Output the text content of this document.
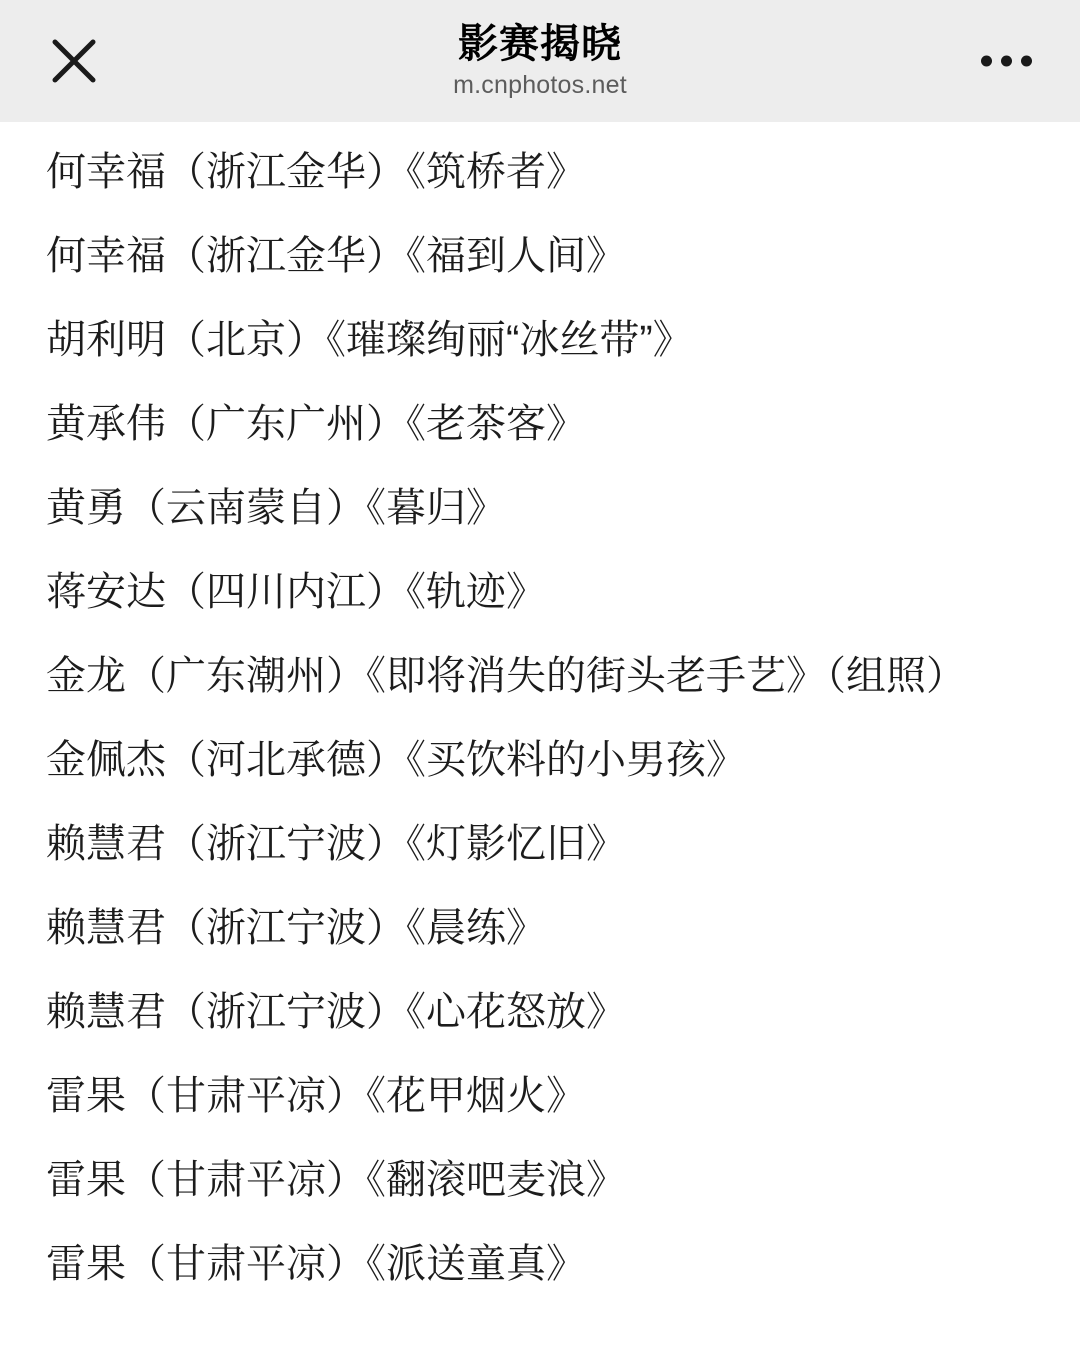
影赛揭晓
m.cnphotos.net
何幸福（浙江金华）《筑桥者》
何幸福（浙江金华）《福到人间》
胡利明（北京）《璀璨绚丽“冰丝带”》
黄承伟（广东广州）《老茶客》
黄勇（云南蒙自）《暮归》
蒋安达（四川内江）《轨迹》
金龙（广东潮州）《即将消失的街头老手艺》（组照）
金佩杰（河北承德）《买饮料的小男孩》
赖慧君（浙江宁波）《灯影忆旧》
赖慧君（浙江宁波）《晨练》
赖慧君（浙江宁波）《心花怒放》
雷果（甘肃平凉）《花甲烟火》
雷果（甘肃平凉）《翻滚吧麦浪》
雷果（甘肃平凉）《派送童真》
